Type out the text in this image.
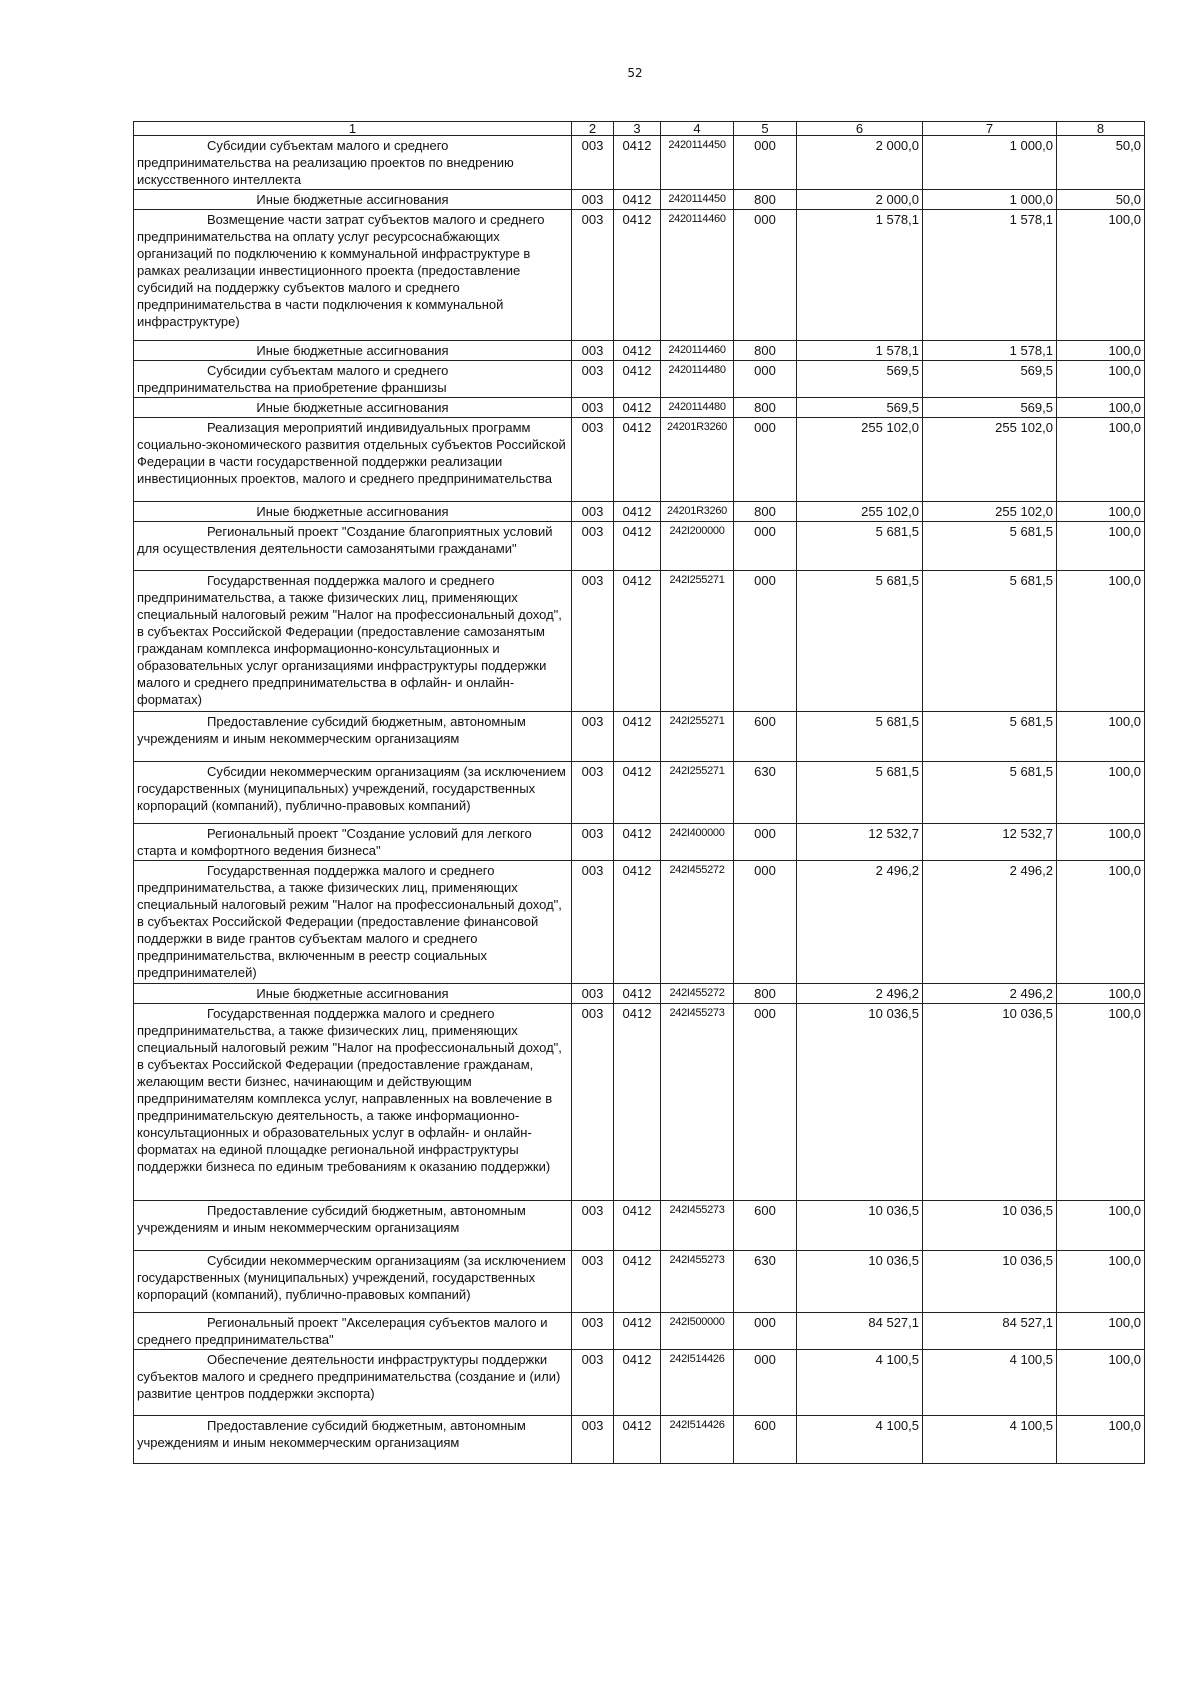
52
1	2	3	4	5	6	7	8
Субсидии субъектам малого и среднего предпринимательства на реализацию проектов по внедрению искусственного интеллекта	003	0412	2420114450	000	2 000,0	1 000,0	50,0
Иные бюджетные ассигнования	003	0412	2420114450	800	2 000,0	1 000,0	50,0
Возмещение части затрат субъектов малого и среднего предпринимательства на оплату услуг ресурсоснабжающих организаций по подключению к коммунальной инфраструктуре в рамках реализации инвестиционного проекта (предоставление субсидий на поддержку субъектов малого и среднего предпринимательства в части подключения к коммунальной инфраструктуре)	003	0412	2420114460	000	1 578,1	1 578,1	100,0
Иные бюджетные ассигнования	003	0412	2420114460	800	1 578,1	1 578,1	100,0
Субсидии субъектам малого и среднего предпринимательства на приобретение франшизы	003	0412	2420114480	000	569,5	569,5	100,0
Иные бюджетные ассигнования	003	0412	2420114480	800	569,5	569,5	100,0
Реализация мероприятий индивидуальных программ социально-экономического развития отдельных субъектов Российской Федерации в части государственной поддержки реализации инвестиционных проектов, малого и среднего предпринимательства	003	0412	24201R3260	000	255 102,0	255 102,0	100,0
Иные бюджетные ассигнования	003	0412	24201R3260	800	255 102,0	255 102,0	100,0
Региональный проект "Создание благоприятных условий для осуществления деятельности самозанятыми гражданами"	003	0412	242I200000	000	5 681,5	5 681,5	100,0
Государственная поддержка малого и среднего предпринимательства, а также физических лиц, применяющих специальный налоговый режим "Налог на профессиональный доход", в субъектах Российской Федерации (предоставление самозанятым гражданам комплекса информационно-консультационных и образовательных услуг организациями инфраструктуры поддержки малого и среднего предпринимательства в офлайн- и онлайн-форматах)	003	0412	242I255271	000	5 681,5	5 681,5	100,0
Предоставление субсидий бюджетным, автономным учреждениям и иным некоммерческим организациям	003	0412	242I255271	600	5 681,5	5 681,5	100,0
Субсидии некоммерческим организациям (за исключением государственных (муниципальных) учреждений, государственных корпораций (компаний), публично-правовых компаний)	003	0412	242I255271	630	5 681,5	5 681,5	100,0
Региональный проект "Создание условий для легкого старта и комфортного ведения бизнеса"	003	0412	242I400000	000	12 532,7	12 532,7	100,0
Государственная поддержка малого и среднего предпринимательства, а также физических лиц, применяющих специальный налоговый режим "Налог на профессиональный доход", в субъектах Российской Федерации (предоставление финансовой поддержки в виде грантов субъектам малого и среднего предпринимательства, включенным в реестр социальных предпринимателей)	003	0412	242I455272	000	2 496,2	2 496,2	100,0
Иные бюджетные ассигнования	003	0412	242I455272	800	2 496,2	2 496,2	100,0
Государственная поддержка малого и среднего предпринимательства, а также физических лиц, применяющих специальный налоговый режим "Налог на профессиональный доход", в субъектах Российской Федерации (предоставление гражданам, желающим вести бизнес, начинающим и действующим предпринимателям комплекса услуг, направленных на вовлечение в предпринимательскую деятельность, а также информационно-консультационных и образовательных услуг в офлайн- и онлайн-форматах на единой площадке региональной инфраструктуры поддержки бизнеса по единым требованиям к оказанию поддержки)	003	0412	242I455273	000	10 036,5	10 036,5	100,0
Предоставление субсидий бюджетным, автономным учреждениям и иным некоммерческим организациям	003	0412	242I455273	600	10 036,5	10 036,5	100,0
Субсидии некоммерческим организациям (за исключением государственных (муниципальных) учреждений, государственных корпораций (компаний), публично-правовых компаний)	003	0412	242I455273	630	10 036,5	10 036,5	100,0
Региональный проект "Акселерация субъектов малого и среднего предпринимательства"	003	0412	242I500000	000	84 527,1	84 527,1	100,0
Обеспечение деятельности инфраструктуры поддержки субъектов малого и среднего предпринимательства (создание и (или) развитие центров поддержки экспорта)	003	0412	242I514426	000	4 100,5	4 100,5	100,0
Предоставление субсидий бюджетным, автономным учреждениям и иным некоммерческим организациям	003	0412	242I514426	600	4 100,5	4 100,5	100,0
